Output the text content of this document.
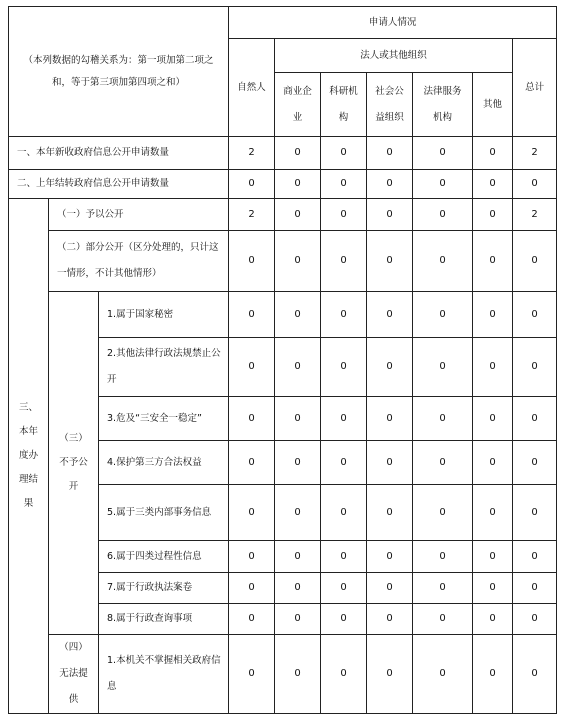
（本列数据的勾稽关系为：第一项加第二项之和，等于第三项加第四项之和）			申请人情况						
			自然人	法人或其他组织					总计
				商业企业	科研机构	社会公益组织	法律服务机构	其他	
一、本年新收政府信息公开申请数量			2	0	0	0	0	0	2
二、上年结转政府信息公开申请数量			0	0	0	0	0	0	0
三、本年度办理结果	（一）予以公开		2	0	0	0	0	0	2
	（二）部分公开（区分处理的，只计这一情形，不计其他情形）		0	0	0	0	0	0	0
	（三）不予公开	1.属于国家秘密	0	0	0	0	0	0	0
		2.其他法律行政法规禁止公开	0	0	0	0	0	0	0
		3.危及“三安全一稳定”	0	0	0	0	0	0	0
		4.保护第三方合法权益	0	0	0	0	0	0	0
		5.属于三类内部事务信息	0	0	0	0	0	0	0
		6.属于四类过程性信息	0	0	0	0	0	0	0
		7.属于行政执法案卷	0	0	0	0	0	0	0
		8.属于行政查询事项	0	0	0	0	0	0	0
	（四）无法提供	1.本机关不掌握相关政府信息	0	0	0	0	0	0	0
